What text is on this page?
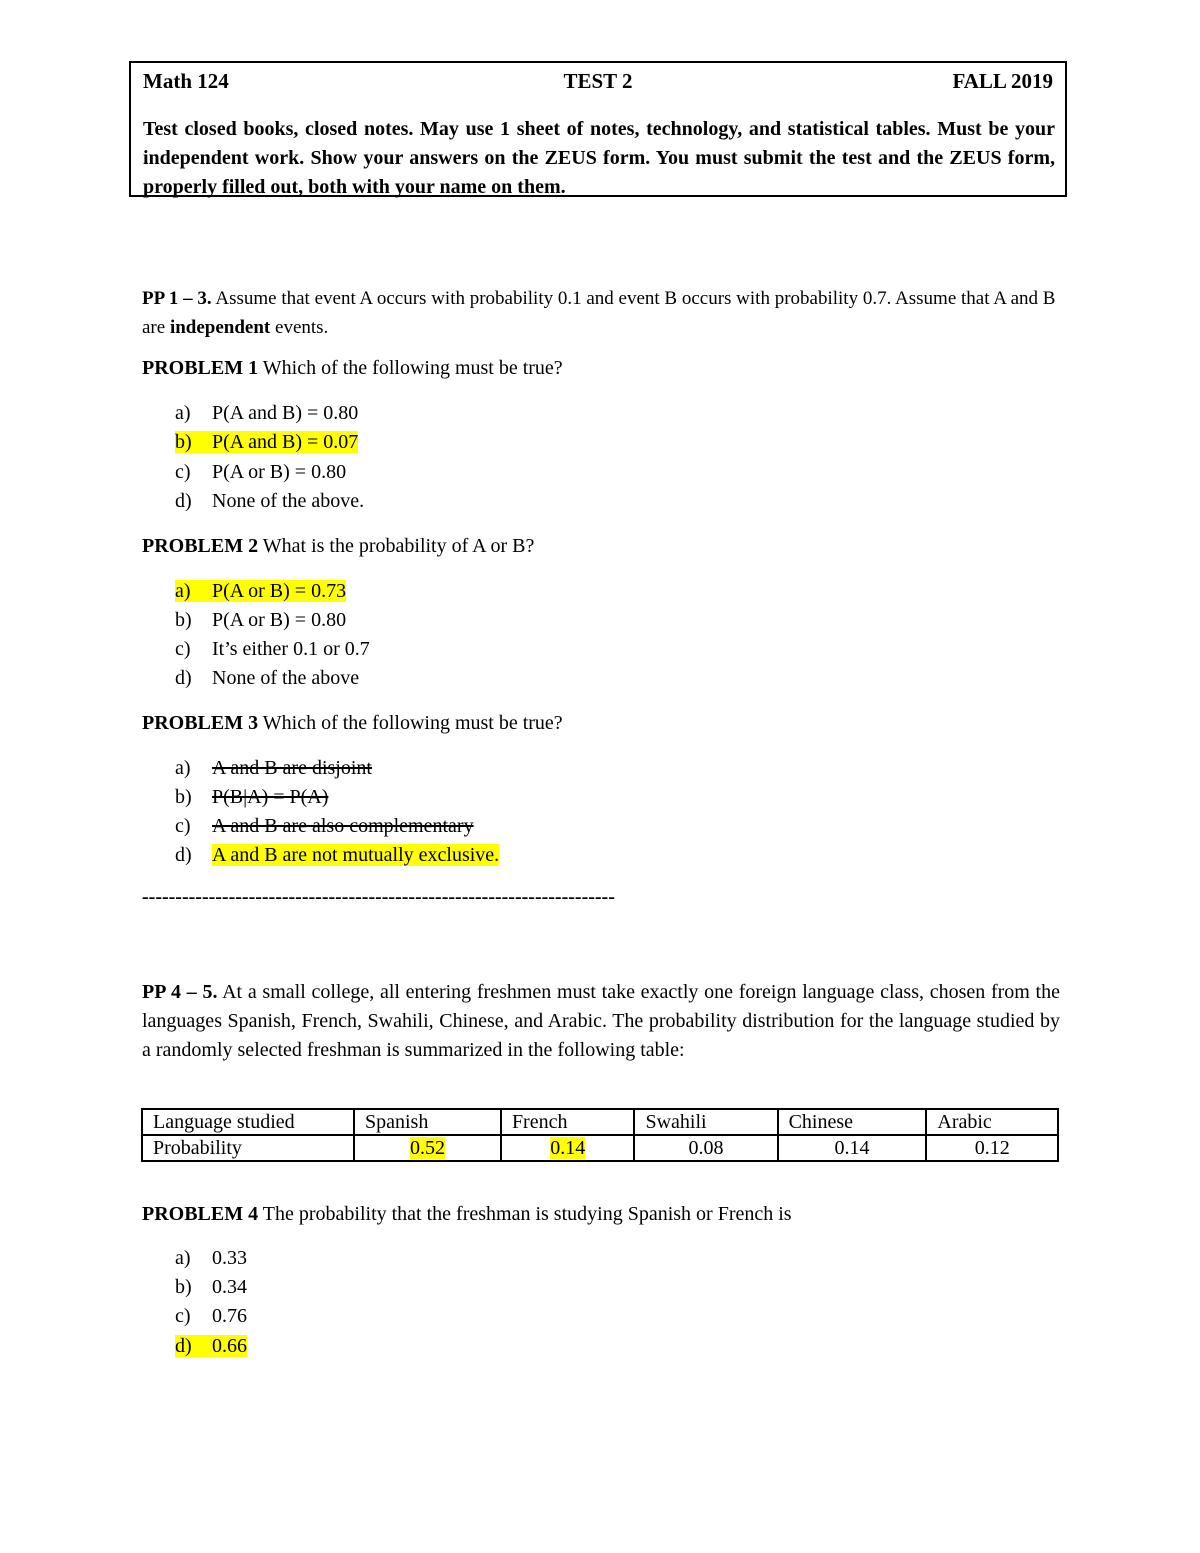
Math 124	TEST 2	FALL 2019
Test closed books, closed notes. May use 1 sheet of notes, technology, and statistical tables. Must be your independent work. Show your answers on the ZEUS form. You must submit the test and the ZEUS form, properly filled out, both with your name on them.
PP 1 – 3. Assume that event A occurs with probability 0.1 and event B occurs with probability 0.7. Assume that A and B are independent events.
PROBLEM 1 Which of the following must be true?
a) P(A and B) = 0.80
b) P(A and B) = 0.07
c) P(A or B) = 0.80
d) None of the above.
PROBLEM 2 What is the probability of A or B?
a) P(A or B) = 0.73
b) P(A or B) = 0.80
c) It’s either 0.1 or 0.7
d) None of the above
PROBLEM 3 Which of the following must be true?
a) A and B are disjoint
b) P(B|A) = P(A)
c) A and B are also complementary
d) A and B are not mutually exclusive.
-----------------------------------------------------------------------
PP 4 – 5. At a small college, all entering freshmen must take exactly one foreign language class, chosen from the languages Spanish, French, Swahili, Chinese, and Arabic. The probability distribution for the language studied by a randomly selected freshman is summarized in the following table:
Language studied	Spanish	French	Swahili	Chinese	Arabic
Probability	0.52	0.14	0.08	0.14	0.12
PROBLEM 4 The probability that the freshman is studying Spanish or French is
a) 0.33
b) 0.34
c) 0.76
d) 0.66
